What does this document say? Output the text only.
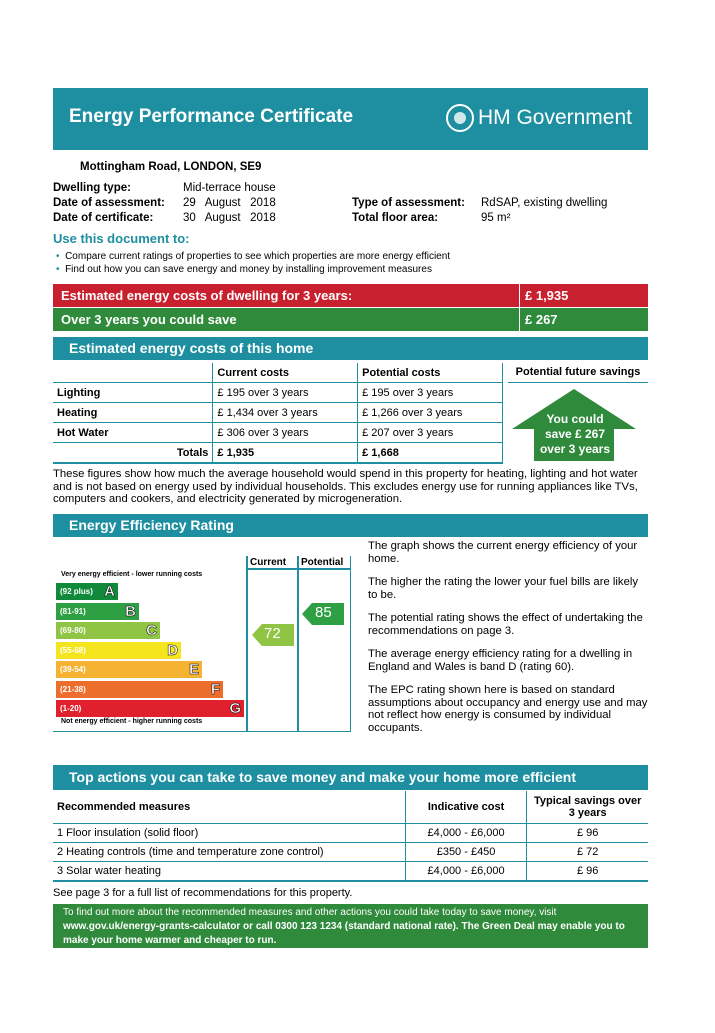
Energy Performance Certificate	HM Government
Mottingham Road, LONDON, SE9
Dwelling type:	Mid-terrace house
Date of assessment: 29   August   2018
Date of certificate:	30   August   2018
Type of assessment: RdSAP, existing dwelling
Total floor area:	95 m²
Use this document to:
• Compare current ratings of properties to see which properties are more energy efficient
• Find out how you can save energy and money by installing improvement measures
Estimated energy costs of dwelling for 3 years:	£ 1,935
Over 3 years you could save	£ 267
Estimated energy costs of this home
	Current costs	Potential costs
Lighting	£ 195 over 3 years	£ 195 over 3 years
Heating	£ 1,434 over 3 years	£ 1,266 over 3 years
Hot Water	£ 306 over 3 years	£ 207 over 3 years
Totals	£ 1,935	£ 1,668
Potential future savings
You could
save £ 267
over 3 years
These figures show how much the average household would spend in this property for heating, lighting and hot water and is not based on energy used by individual households. This excludes energy use for running appliances like TVs, computers and cookers, and electricity generated by microgeneration.
Energy Efficiency Rating
Current Potential
Very energy efficient - lower running costs
Not energy efficient - higher running costs
(92 plus) A
(81-91)	B
(69-80)	C
(55-68)	D
(39-54)	E
(21-38)	F
(1-20)	G
72
85
The graph shows the current energy efficiency of your home.
The higher the rating the lower your fuel bills are likely to be.
The potential rating shows the effect of undertaking the recommendations on page 3.
The average energy efficiency rating for a dwelling in England and Wales is band D (rating 60).
The EPC rating shown here is based on standard assumptions about occupancy and energy use and may not reflect how energy is consumed by individual occupants.
Top actions you can take to save money and make your home more efficient
Recommended measures	Indicative cost	Typical savings over 3 years
1 Floor insulation (solid floor)	£4,000 - £6,000	£ 96
2 Heating controls (time and temperature zone control)	£350 - £450	£ 72
3 Solar water heating	£4,000 - £6,000	£ 96
See page 3 for a full list of recommendations for this property.
To find out more about the recommended measures and other actions you could take today to save money, visit
www.gov.uk/energy-grants-calculator or call 0300 123 1234 (standard national rate). The Green Deal may enable you to
make your home warmer and cheaper to run.
